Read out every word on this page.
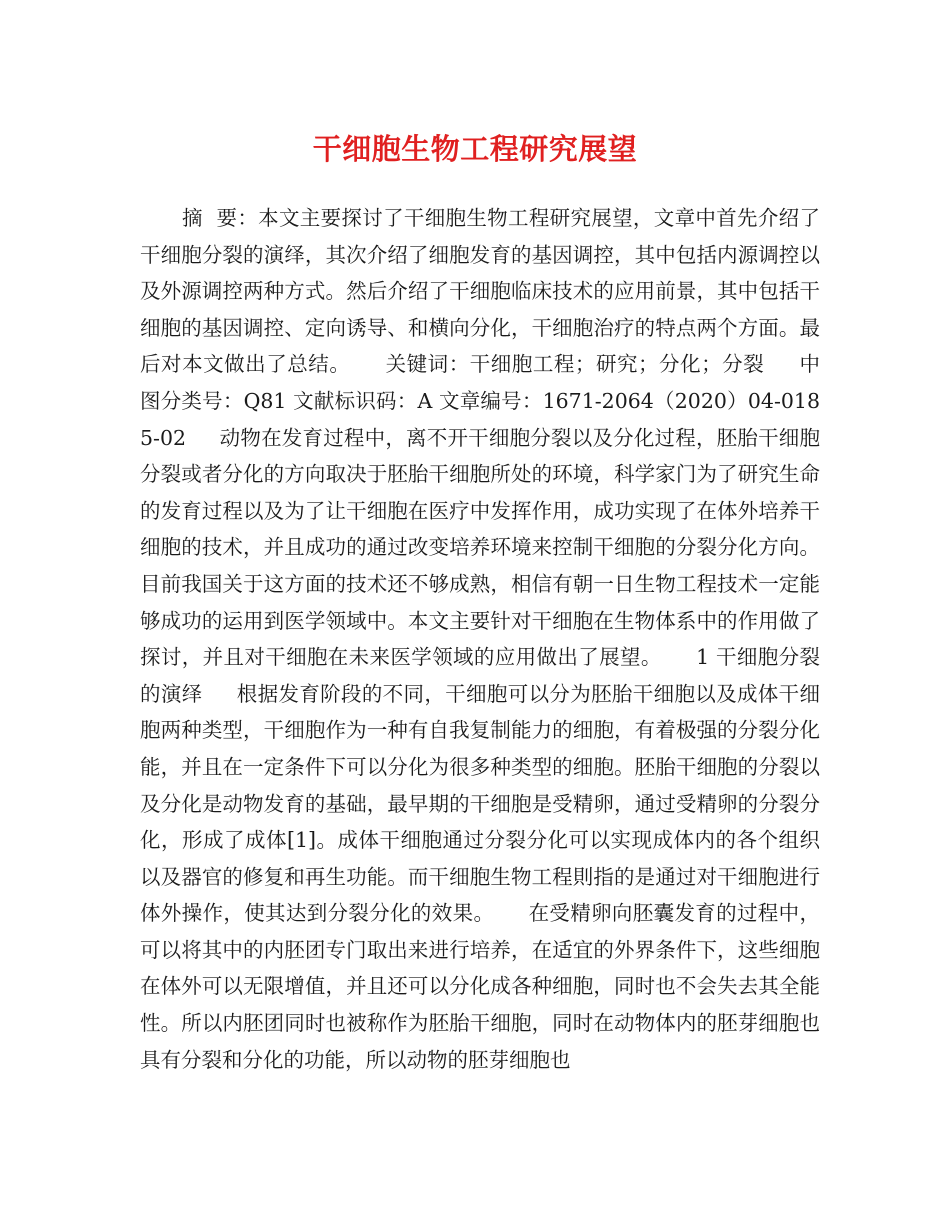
干细胞生物工程研究展望

摘  要：本文主要探讨了干细胞生物工程研究展望，文章中首先介绍了干细胞分裂的演绎，其次介绍了细胞发育的基因调控，其中包括内源调控以及外源调控两种方式。然后介绍了干细胞临床技术的应用前景，其中包括干细胞的基因调控、定向诱导、和横向分化，干细胞治疗的特点两个方面。最后对本文做出了总结。     关键词：干细胞工程；研究；分化；分裂     中图分类号：Q81 文献标识码：A 文章编号：1671-2064（2020）04-0185-02     动物在发育过程中，离不开干细胞分裂以及分化过程，胚胎干细胞分裂或者分化的方向取决于胚胎干细胞所处的环境，科学家门为了研究生命的发育过程以及为了让干细胞在医疗中发挥作用，成功实现了在体外培养干细胞的技术，并且成功的通过改变培养环境来控制干细胞的分裂分化方向。目前我国关于这方面的技术还不够成熟，相信有朝一日生物工程技术一定能够成功的运用到医学领域中。本文主要针对干细胞在生物体系中的作用做了探讨，并且对干细胞在未来医学领域的应用做出了展望。     1 干细胞分裂的演绎     根据发育阶段的不同，干细胞可以分为胚胎干细胞以及成体干细胞两种类型，干细胞作为一种有自我复制能力的细胞，有着极强的分裂分化能，并且在一定条件下可以分化为很多种类型的细胞。胚胎干细胞的分裂以及分化是动物发育的基础，最早期的干细胞是受精卵，通过受精卵的分裂分化，形成了成体[1]。成体干细胞通过分裂分化可以实现成体内的各个组织以及器官的修复和再生功能。而干细胞生物工程則指的是通过对干细胞进行体外操作，使其达到分裂分化的效果。     在受精卵向胚囊发育的过程中，可以将其中的内胚团专门取出来进行培养，在适宜的外界条件下，这些细胞在体外可以无限增值，并且还可以分化成各种细胞，同时也不会失去其全能性。所以内胚团同时也被称作为胚胎干细胞，同时在动物体内的胚芽细胞也具有分裂和分化的功能，所以动物的胚芽细胞也
